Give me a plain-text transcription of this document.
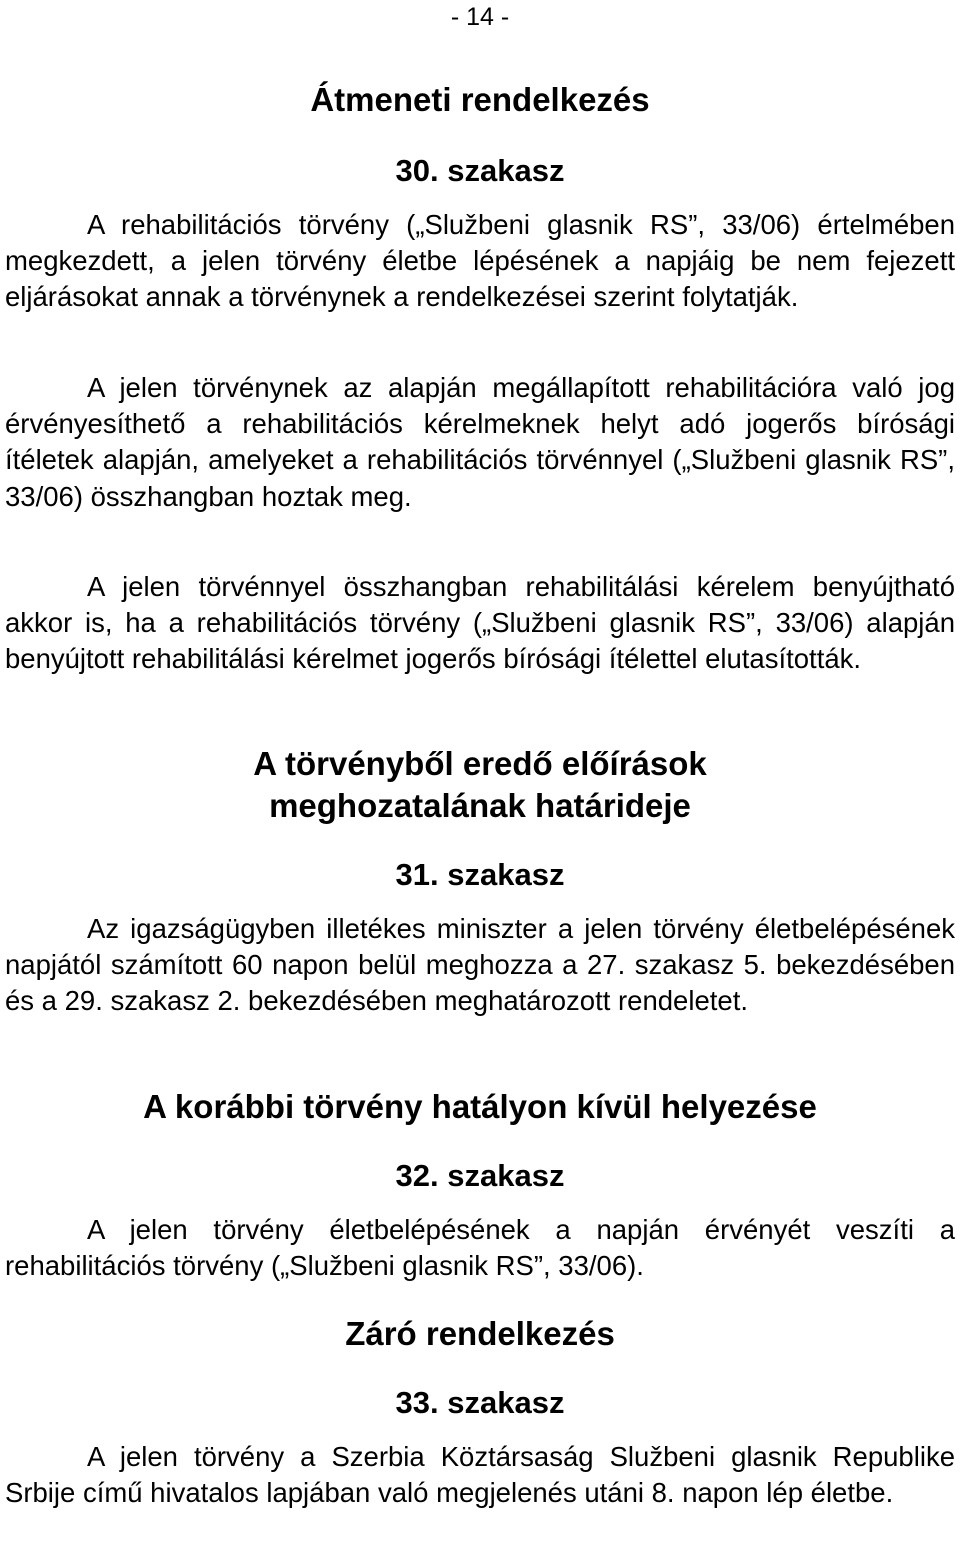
- 14 -
Átmeneti rendelkezés
30. szakasz

A rehabilitációs törvény („Službeni glasnik RS”, 33/06) értelmében megkezdett, a jelen törvény életbe lépésének a napjáig be nem fejezett eljárásokat annak a törvénynek a rendelkezései szerint folytatják.

A jelen törvénynek az alapján megállapított rehabilitációra való jog érvényesíthető a rehabilitációs kérelmeknek helyt adó jogerős bírósági ítéletek alapján, amelyeket a rehabilitációs törvénnyel („Službeni glasnik RS”, 33/06) összhangban hoztak meg.

A jelen törvénnyel összhangban rehabilitálási kérelem benyújtható akkor is, ha a rehabilitációs törvény („Službeni glasnik RS”, 33/06) alapján benyújtott rehabilitálási kérelmet jogerős bírósági ítélettel elutasították.

A törvényből eredő előírások
meghozatalának határideje
31. szakasz

Az igazságügyben illetékes miniszter a jelen törvény életbelépésének napjától számított 60 napon belül meghozza a 27. szakasz 5. bekezdésében és a 29. szakasz 2. bekezdésében meghatározott rendeletet.

A korábbi törvény hatályon kívül helyezése
32. szakasz

A jelen törvény életbelépésének a napján érvényét veszíti a rehabilitációs törvény („Službeni glasnik RS”, 33/06).

Záró rendelkezés
33. szakasz

A jelen törvény a Szerbia Köztársaság Službeni glasnik Republike Srbije című hivatalos lapjában való megjelenés utáni 8. napon lép életbe.
